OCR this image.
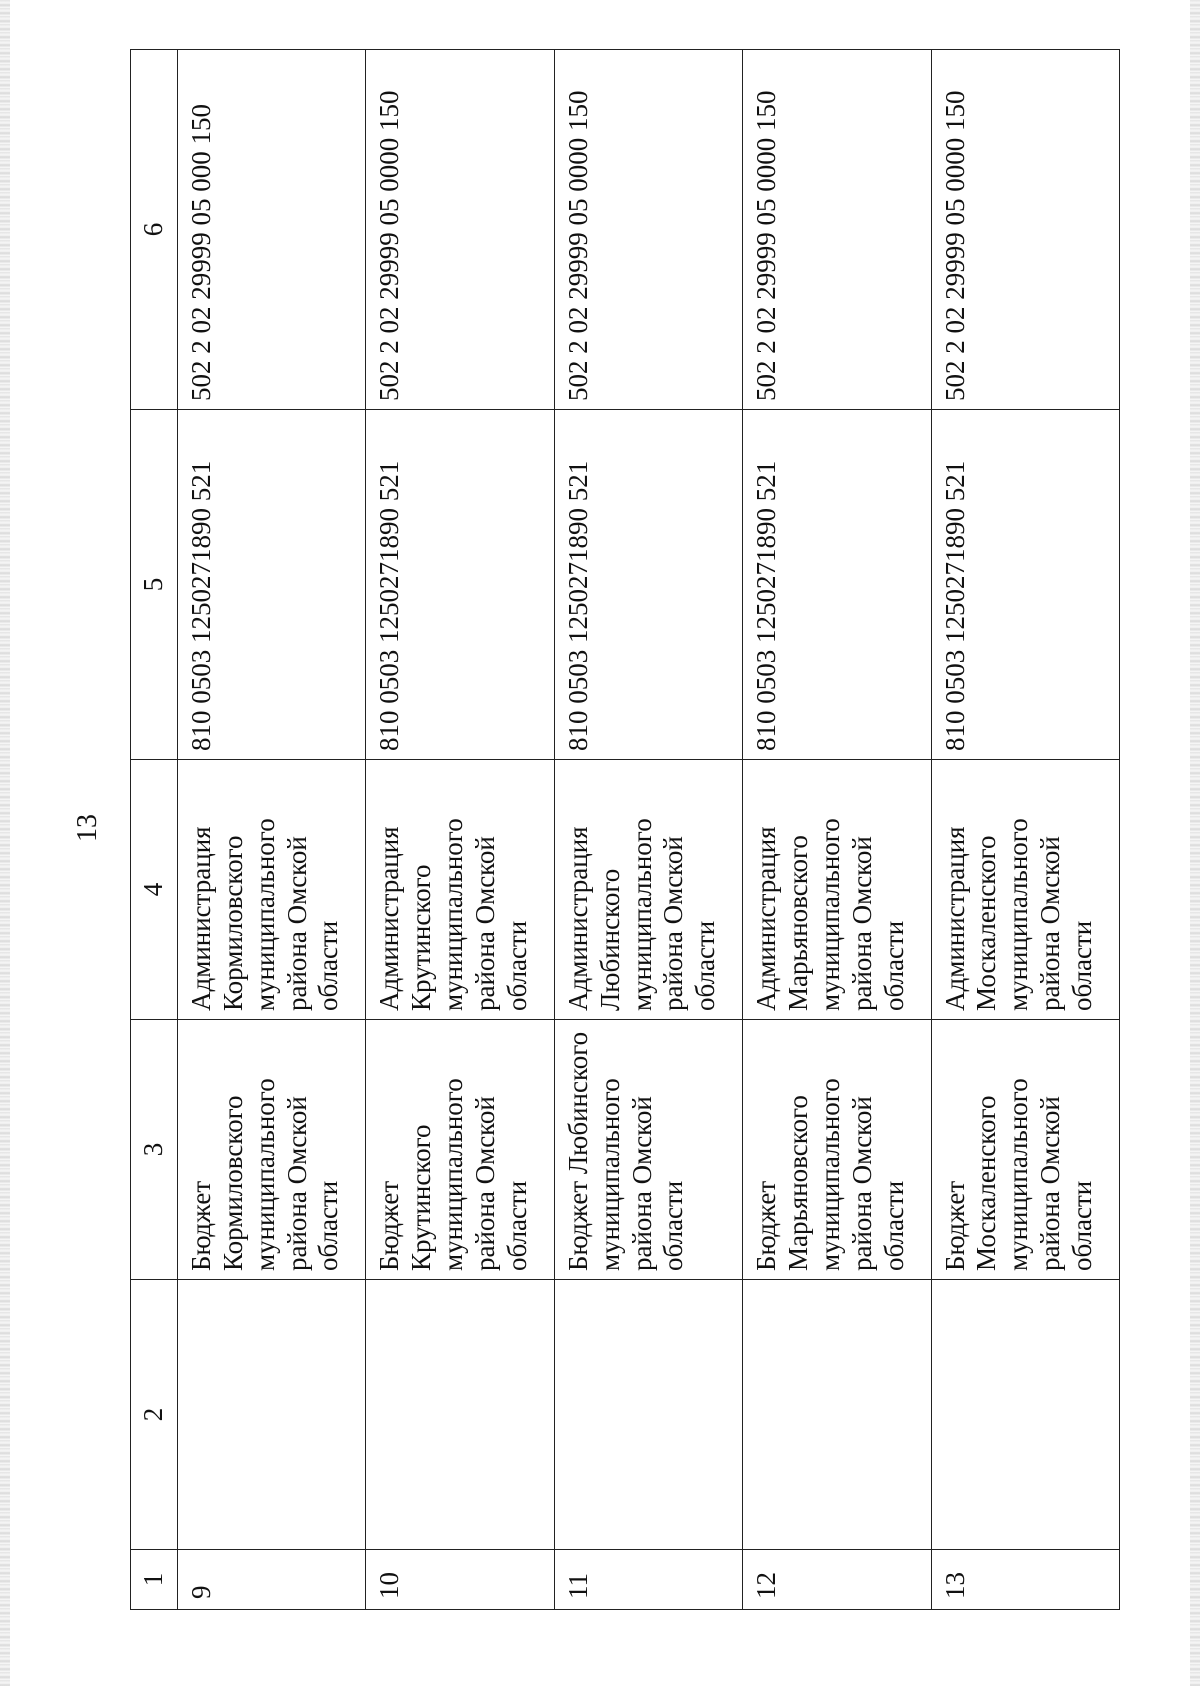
13
1	2	3	4	5	6
9		Бюджет Кормиловского муниципального района Омской области	Администрация Кормиловского муниципального района Омской области	810 0503 1250271890 521	502 2 02 29999 05 000 150
10		Бюджет Крутинского муниципального района Омской области	Администрация Крутинского муниципального района Омской области	810 0503 1250271890 521	502 2 02 29999 05 0000 150
11		Бюджет Любинского муниципального района Омской области	Администрация Любинского муниципального района Омской области	810 0503 1250271890 521	502 2 02 29999 05 0000 150
12		Бюджет Марьяновского муниципального района Омской области	Администрация Марьяновского муниципального района Омской области	810 0503 1250271890 521	502 2 02 29999 05 0000 150
13		Бюджет Москаленского муниципального района Омской области	Администрация Москаленского муниципального района Омской области	810 0503 1250271890 521	502 2 02 29999 05 0000 150
